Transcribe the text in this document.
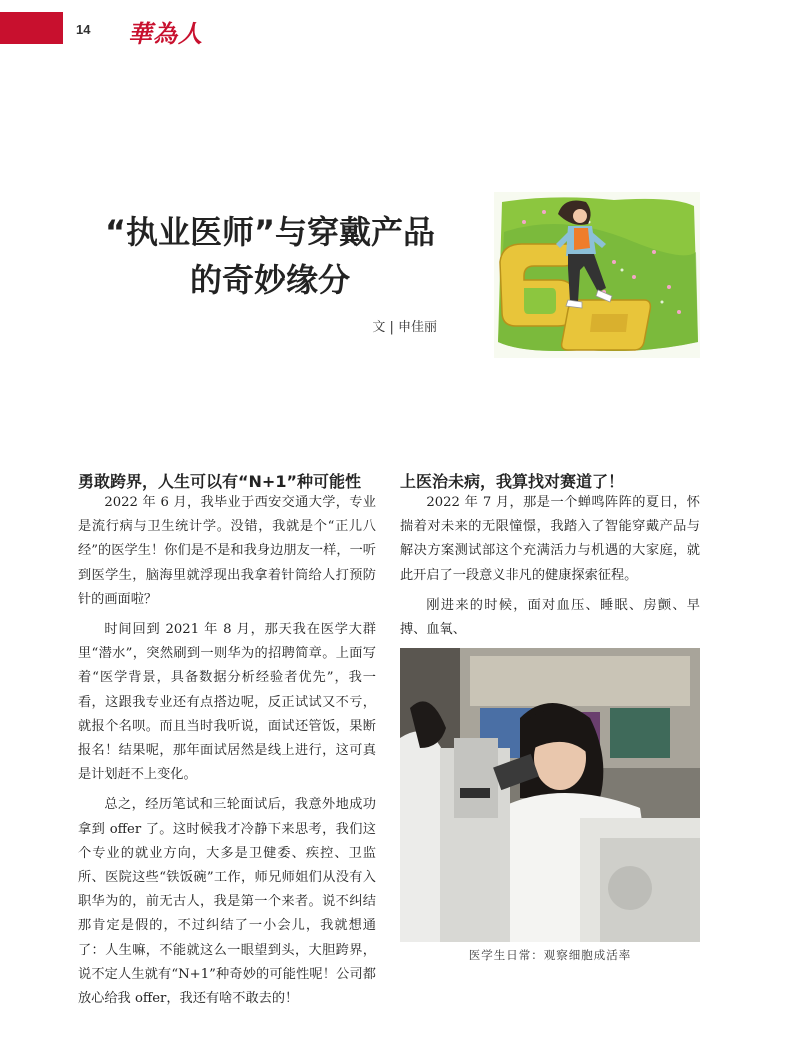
14 華為人
“执业医师”与穿戴产品
的奇妙缘分
文 | 申佳丽
勇敢跨界，人生可以有“N+1”种可能性

2022 年 6 月，我毕业于西安交通大学，专业是流行病与卫生统计学。没错，我就是个“正儿八经”的医学生！你们是不是和我身边朋友一样，一听到医学生，脑海里就浮现出我拿着针筒给人打预防针的画面啦？

时间回到 2021 年 8 月，那天我在医学大群里“潜水”，突然刷到一则华为的招聘简章。上面写着“医学背景，具备数据分析经验者优先”，我一看，这跟我专业还有点搭边呢，反正试试又不亏，就报个名呗。而且当时我听说，面试还管饭，果断报名！结果呢，那年面试居然是线上进行，这可真是计划赶不上变化。

总之，经历笔试和三轮面试后，我意外地成功拿到 offer 了。这时候我才冷静下来思考，我们这个专业的就业方向，大多是卫健委、疾控、卫监所、医院这些“铁饭碗”工作，师兄师姐们从没有入职华为的，前无古人，我是第一个来者。说不纠结那肯定是假的，不过纠结了一小会儿，我就想通了：人生嘛，不能就这么一眼望到头，大胆跨界，说不定人生就有“N+1”种奇妙的可能性呢！公司都放心给我 offer，我还有啥不敢去的！

上医治未病，我算找对赛道了！

2022 年 7 月，那是一个蝉鸣阵阵的夏日，怀揣着对未来的无限憧憬，我踏入了智能穿戴产品与解决方案测试部这个充满活力与机遇的大家庭，就此开启了一段意义非凡的健康探索征程。

刚进来的时候，面对血压、睡眠、房颤、早搏、血氧、

医学生日常：观察细胞成活率
